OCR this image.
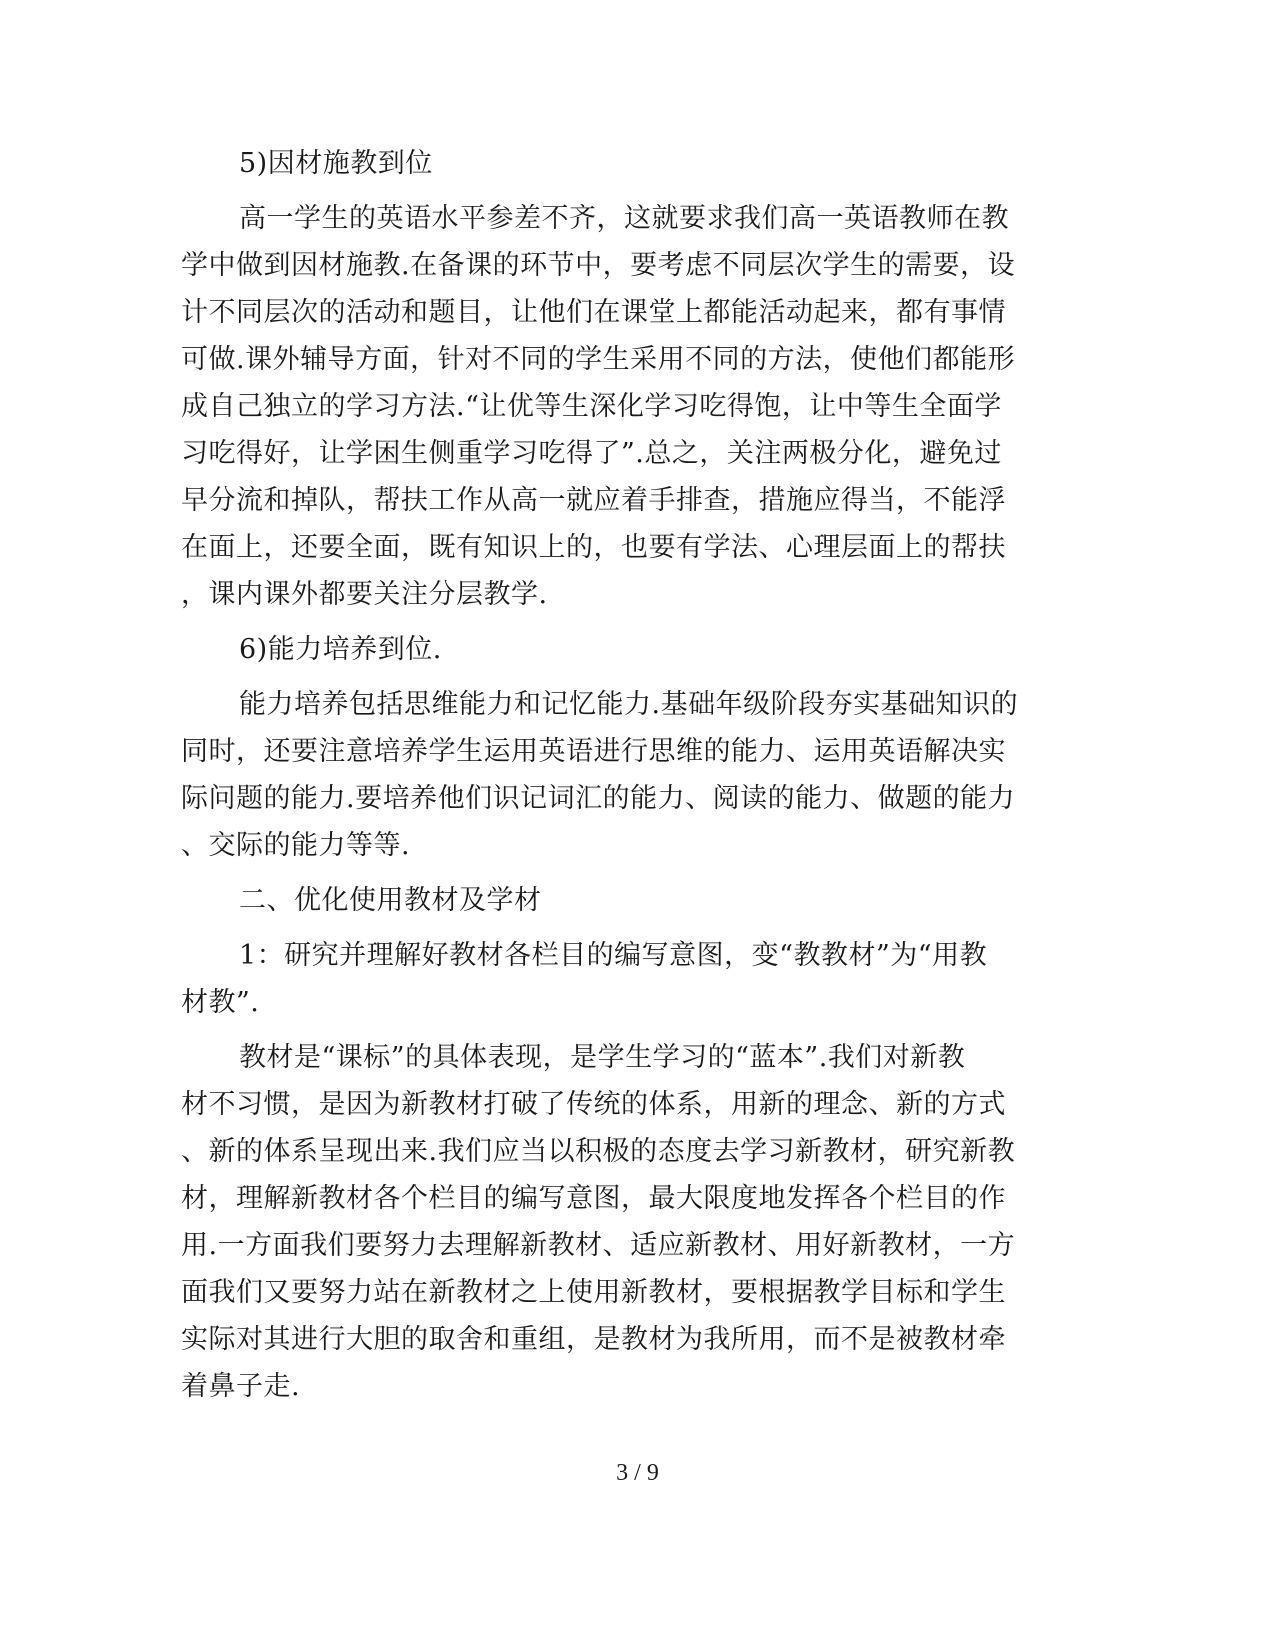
5)因材施教到位

高一学生的英语水平参差不齐，这就要求我们高一英语教师在教
学中做到因材施教.在备课的环节中，要考虑不同层次学生的需要，设
计不同层次的活动和题目，让他们在课堂上都能活动起来，都有事情
可做.课外辅导方面，针对不同的学生采用不同的方法，使他们都能形
成自己独立的学习方法.“让优等生深化学习吃得饱，让中等生全面学
习吃得好，让学困生侧重学习吃得了”.总之，关注两极分化，避免过
早分流和掉队，帮扶工作从高一就应着手排查，措施应得当，不能浮
在面上，还要全面，既有知识上的，也要有学法、心理层面上的帮扶
，课内课外都要关注分层教学.

6)能力培养到位.

能力培养包括思维能力和记忆能力.基础年级阶段夯实基础知识的
同时，还要注意培养学生运用英语进行思维的能力、运用英语解决实
际问题的能力.要培养他们识记词汇的能力、阅读的能力、做题的能力
、交际的能力等等.

二、优化使用教材及学材

1：研究并理解好教材各栏目的编写意图，变“教教材”为“用教
材教”.

教材是“课标”的具体表现，是学生学习的“蓝本”.我们对新教
材不习惯，是因为新教材打破了传统的体系，用新的理念、新的方式
、新的体系呈现出来.我们应当以积极的态度去学习新教材，研究新教
材，理解新教材各个栏目的编写意图，最大限度地发挥各个栏目的作
用.一方面我们要努力去理解新教材、适应新教材、用好新教材，一方
面我们又要努力站在新教材之上使用新教材，要根据教学目标和学生
实际对其进行大胆的取舍和重组，是教材为我所用，而不是被教材牵
着鼻子走.

3 / 9
